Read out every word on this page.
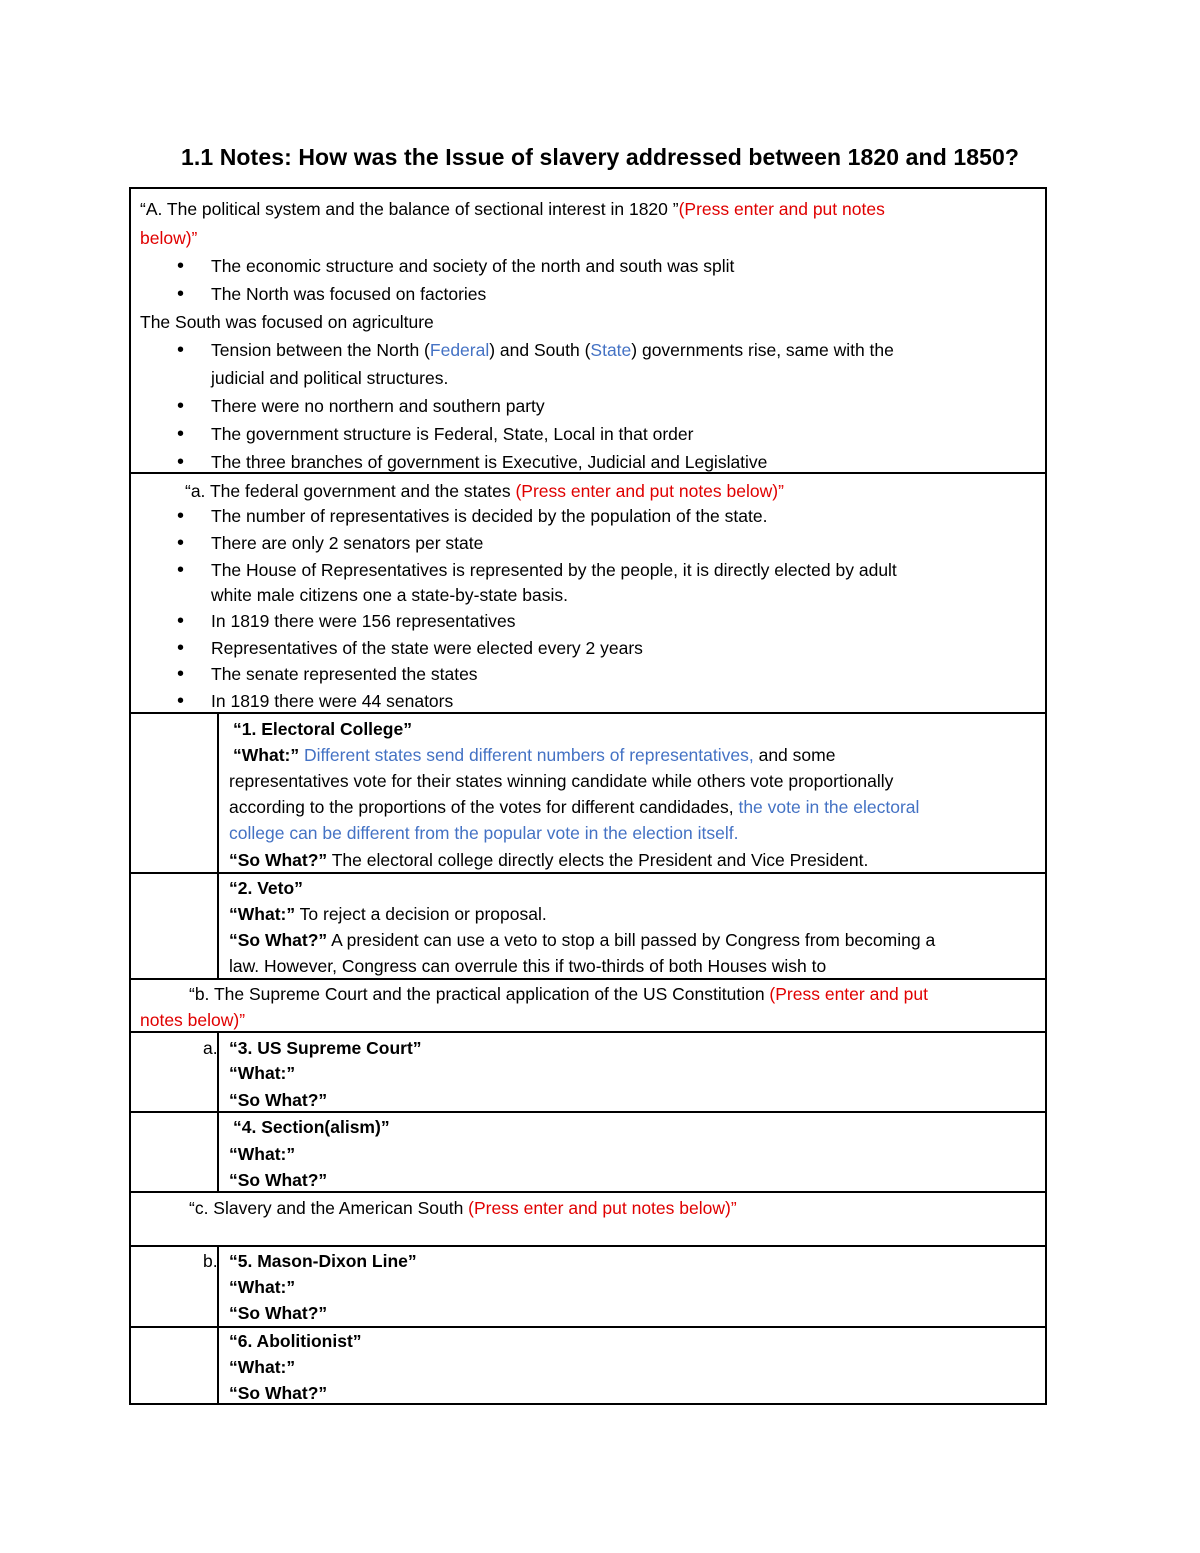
1.1 Notes: How was the Issue of slavery addressed between 1820 and 1850?
“A. The political system and the balance of sectional interest in 1820 ”(Press enter and put notes
below)”
• The economic structure and society of the north and south was split
• The North was focused on factories
The South was focused on agriculture
• Tension between the North (Federal) and South (State) governments rise, same with the
judicial and political structures.
• There were no northern and southern party
• The government structure is Federal, State, Local in that order
• The three branches of government is Executive, Judicial and Legislative
“a. The federal government and the states (Press enter and put notes below)”
• The number of representatives is decided by the population of the state.
• There are only 2 senators per state
• The House of Representatives is represented by the people, it is directly elected by adult
white male citizens one a state-by-state basis.
• In 1819 there were 156 representatives
• Representatives of the state were elected every 2 years
• The senate represented the states
• In 1819 there were 44 senators
“1. Electoral College”
“What:” Different states send different numbers of representatives, and some
representatives vote for their states winning candidate while others vote proportionally
according to the proportions of the votes for different candidades, the vote in the electoral
college can be different from the popular vote in the election itself.
“So What?” The electoral college directly elects the President and Vice President.
“2. Veto”
“What:” To reject a decision or proposal.
“So What?” A president can use a veto to stop a bill passed by Congress from becoming a
law. However, Congress can overrule this if two-thirds of both Houses wish to
“b. The Supreme Court and the practical application of the US Constitution (Press enter and put
notes below)”
a. “3. US Supreme Court”
“What:”
“So What?”
“4. Section(alism)”
“What:”
“So What?”
“c. Slavery and the American South (Press enter and put notes below)”
b. “5. Mason-Dixon Line”
“What:”
“So What?”
“6. Abolitionist”
“What:”
“So What?”
